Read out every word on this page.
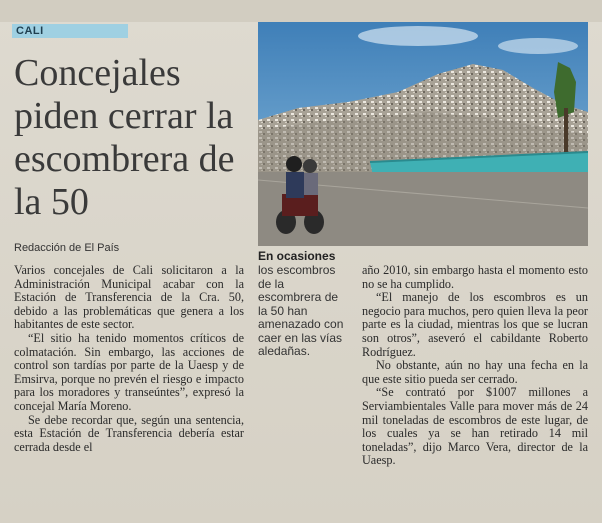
CALI
Concejales piden cerrar la escombrera de la 50
Redacción de El País
En ocasiones
los escombros de la escombrera de la 50 han amenazado con caer en las vías aledañas.

Varios concejales de Cali solicitaron a la Administración Municipal acabar con la Estación de Transferencia de la Cra. 50, debido a las problemáticas que genera a los habitantes de este sector.

“El sitio ha tenido momentos críticos de colmatación. Sin embargo, las acciones de control son tardías por parte de la Uaesp y de Emsirva, porque no prevén el riesgo e impacto para los moradores y transeúntes”, expresó la concejal María Moreno.

Se debe recordar que, según una sentencia, esta Estación de Transferencia debería estar cerrada desde el

año 2010, sin embargo hasta el momento esto no se ha cumplido.

“El manejo de los escombros es un negocio para muchos, pero quien lleva la peor parte es la ciudad, mientras los que se lucran son otros”, aseveró el cabildante Roberto Rodríguez.

No obstante, aún no hay una fecha en la que este sitio pueda ser cerrado.

“Se contrató por $1007 millones a Serviambientales Valle para mover más de 24 mil toneladas de escombros de este lugar, de los cuales ya se han retirado 14 mil toneladas”, dijo Marco Vera, director de la Uaesp.
